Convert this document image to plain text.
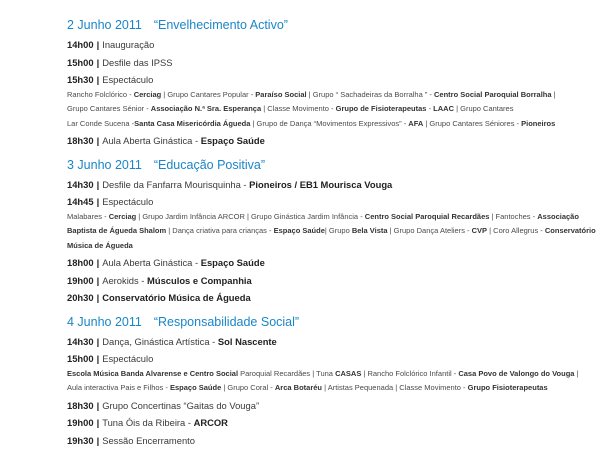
2 Junho 2011 “Envelhecimento Activo”
14h00 | Inauguração
15h00 | Desfile das IPSS
15h30 | Espectáculo
Rancho Folclórico - Cerciag | Grupo Cantares Popular - Paraíso Social | Grupo “ Sachadeiras da Borralha ” - Centro Social Paroquial Borralha |
Grupo Cantares Sénior - Associação N.ª Sra. Esperança | Classe Movimento - Grupo de Fisioterapeutas - LAAC | Grupo Cantares
Lar Conde Sucena -Santa Casa Misericórdia Águeda | Grupo de Dança “Movimentos Expressivos” - AFA | Grupo Cantares Séniores - Pioneiros
18h30 | Aula Aberta Ginástica - Espaço Saúde
3 Junho 2011 “Educação Positiva”
14h30 | Desfile da Fanfarra Mourisquinha - Pioneiros / EB1 Mourisca Vouga
14h45 | Espectáculo
Malabares - Cerciag | Grupo Jardim Infância ARCOR | Grupo Ginástica Jardim Infância - Centro Social Paroquial Recardães | Fantoches - Associação
Baptista de Águeda Shalom | Dança criativa para crianças - Espaço Saúde| Grupo Bela Vista | Grupo Dança Ateliers - CVP | Coro Allegrus - Conservatório
Música de Águeda
18h00 | Aula Aberta Ginástica - Espaço Saúde
19h00 | Aerokids - Músculos e Companhia
20h30 | Conservatório Música de Águeda
4 Junho 2011 “Responsabilidade Social”
14h30 | Dança, Ginástica Artística - Sol Nascente
15h00 | Espectáculo
Escola Música Banda Alvarense e Centro Social Paroquial Recardães | Tuna CASAS | Rancho Folclórico Infantil - Casa Povo de Valongo do Vouga |
Aula interactiva Pais e Filhos - Espaço Saúde | Grupo Coral - Arca Botaréu | Artistas Pequenada | Classe Movimento - Grupo Fisioterapeutas
18h30 | Grupo Concertinas “Gaitas do Vouga”
19h00 | Tuna Óis da Ribeira - ARCOR
19h30 | Sessão Encerramento
